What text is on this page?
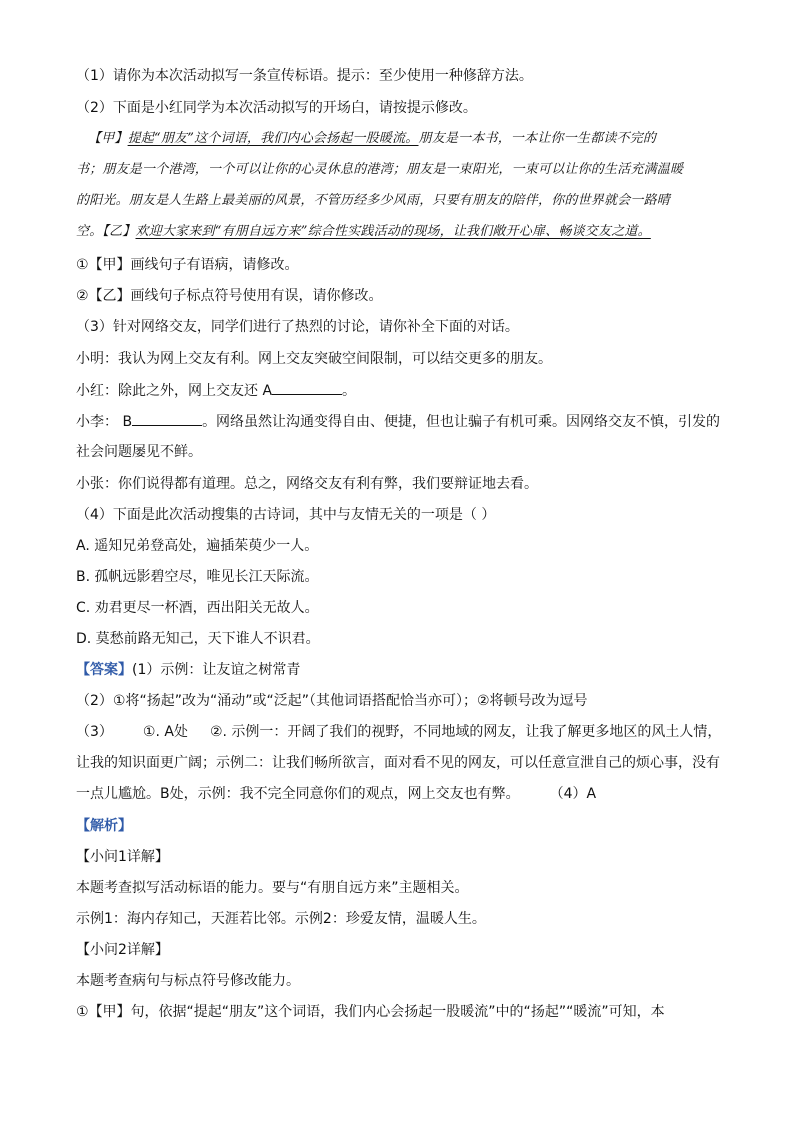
（1）请你为本次活动拟写一条宣传标语。提示：至少使用一种修辞方法。
（2）下面是小红同学为本次活动拟写的开场白，请按提示修改。
【甲】提起“朋友”这个词语，我们内心会扬起一股暖流。朋友是一本书，一本让你一生都读不完的
书；朋友是一个港湾，一个可以让你的心灵休息的港湾；朋友是一束阳光，一束可以让你的生活充满温暖
的阳光。朋友是人生路上最美丽的风景，不管历经多少风雨，只要有朋友的陪伴，你的世界就会一路晴
空。【乙】欢迎大家来到“有朋自远方来”综合性实践活动的现场，让我们敞开心扉、畅谈交友之道。
①【甲】画线句子有语病，请修改。
②【乙】画线句子标点符号使用有误，请你修改。
（3）针对网络交友，同学们进行了热烈的讨论，请你补全下面的对话。
小明：我认为网上交友有利。网上交友突破空间限制，可以结交更多的朋友。
小红：除此之外，网上交友还 A	。
小李： B	。网络虽然让沟通变得自由、便捷，但也让骗子有机可乘。因网络交友不慎，引发的
社会问题屡见不鲜。
小张：你们说得都有道理。总之，网络交友有利有弊，我们要辩证地去看。
（4）下面是此次活动搜集的古诗词，其中与友情无关的一项是（ ）
A. 遥知兄弟登高处，遍插茱萸少一人。
B. 孤帆远影碧空尽，唯见长江天际流。
C. 劝君更尽一杯酒，西出阳关无故人。
D. 莫愁前路无知己，天下谁人不识君。
【答案】(1）示例：让友谊之树常青
（2）①将“扬起”改为“涌动”或“泛起”（其他词语搭配恰当亦可）；②将顿号改为逗号
（3） ①. A处 ②. 示例一：开阔了我们的视野，不同地域的网友，让我了解更多地区的风土人情，
让我的知识面更广阔；示例二：让我们畅所欲言，面对看不见的网友，可以任意宣泄自己的烦心事，没有
一点儿尴尬。B处，示例：我不完全同意你们的观点，网上交友也有弊。 （4）A
【解析】
【小问1详解】
本题考查拟写活动标语的能力。要与“有朋自远方来”主题相关。
示例1：海内存知己，天涯若比邻。示例2：珍爱友情，温暖人生。
【小问2详解】
本题考查病句与标点符号修改能力。
①【甲】句，依据“提起“朋友”这个词语，我们内心会扬起一股暖流”中的“扬起”“暖流”可知，本
